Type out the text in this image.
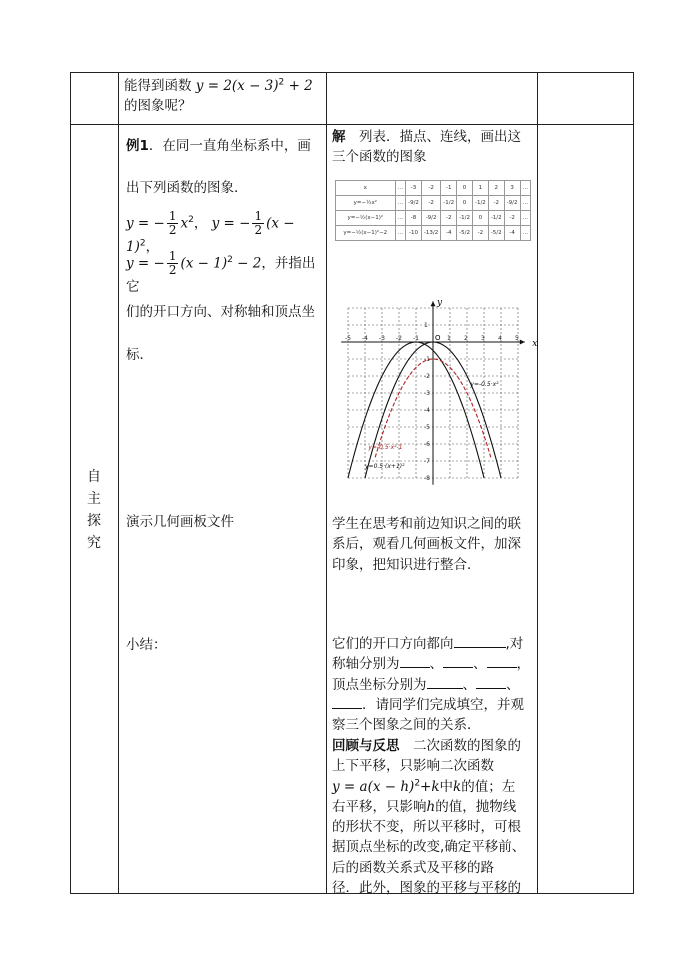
能得到函数 $y = 2(x - 3)^2 + 2$
的图象呢？
自
主
探
究
例1．在同一直角坐标系中，画
出下列函数的图象．
y = − $\frac{1}{2} x^2$， y = − $\frac{1}{2} (x - 1)^2$，
y = − $\frac{1}{2} (x - 1)^2 - 2$，并指出它
们的开口方向、对称轴和顶点坐
标．
演示几何画板文件
小结：
解　列表．描点、连线，画出这
三个函数的图象
x	…	-3	-2	-1	0	1	2	3	…
y=−½x²	…	-9/2	-2	-1/2	0	-1/2	-2	-9/2	…
y=−½(x−1)²	…	-8	-9/2	-2	-1/2	0	-1/2	-2	…
y=−½(x−1)²−2	…	-10	-13/2	-4	-5/2	-2	-5/2	-4	…
x
y
O
-5 -4 -3 -2 -1	1 2 3 4 5
1
-1
-2
-3
-4
-5
-6
-7
-8
y=-0.5·x²
y=-0.5·x²-1
y=0.5·(x+1)²
学生在思考和前边知识之间的联系后，观看几何画板文件，加深印象，把知识进行整合．
它们的开口方向都向	,对
称轴分别为 、 、 ，
顶点坐标分别为	、 、
．请同学们完成填空，并观
察三个图象之间的关系．
回顾与反思　二次函数的图象的
上下平移，只影响二次函数
$y = a(x - h)^2+k$中k的值；左
右平移，只影响h的值，抛物线
的形状不变，所以平移时，可根
据顶点坐标的改变,确定平移前、
后的函数关系式及平移的路
径．此外，图象的平移与平移的
